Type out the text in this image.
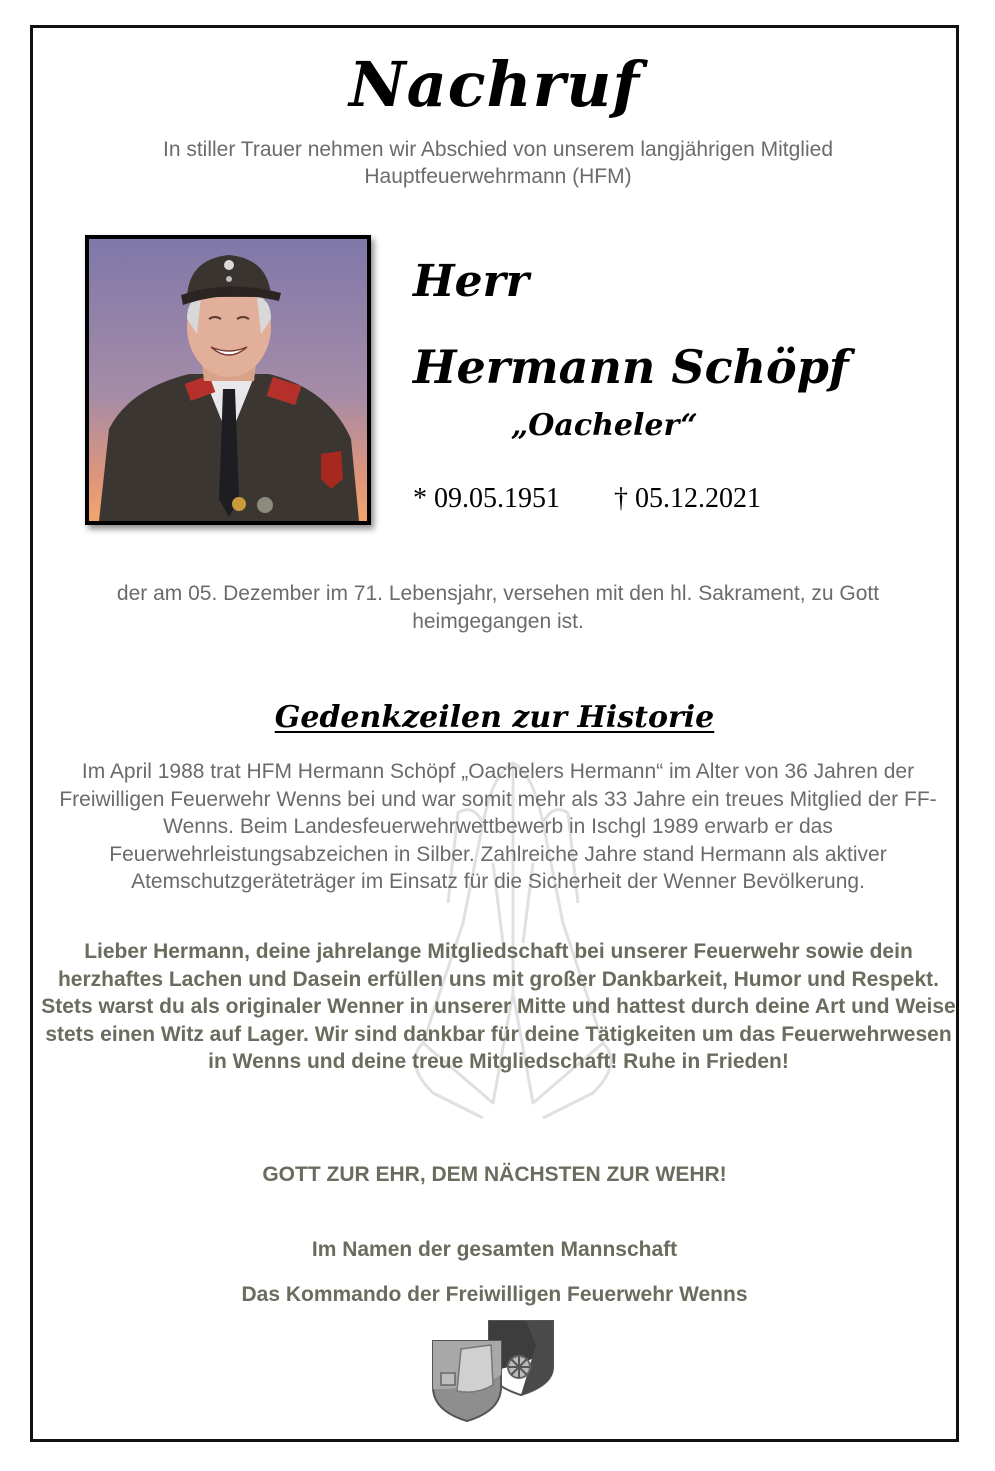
Nachruf
In stiller Trauer nehmen wir Abschied von unserem langjährigen Mitglied Hauptfeuerwehrmann (HFM)
Herr
Hermann Schöpf
„Oacheler“
* 09.05.1951 † 05.12.2021
der am 05. Dezember im 71. Lebensjahr, versehen mit den hl. Sakrament, zu Gott heimgegangen ist.
Gedenkzeilen zur Historie
Im April 1988 trat HFM Hermann Schöpf „Oachelers Hermann“ im Alter von 36 Jahren der Freiwilligen Feuerwehr Wenns bei und war somit mehr als 33 Jahre ein treues Mitglied der FF-Wenns. Beim Landesfeuerwehrwettbewerb in Ischgl 1989 erwarb er das Feuerwehrleistungsabzeichen in Silber. Zahlreiche Jahre stand Hermann als aktiver Atemschutzgeräteträger im Einsatz für die Sicherheit der Wenner Bevölkerung.
Lieber Hermann, deine jahrelange Mitgliedschaft bei unserer Feuerwehr sowie dein herzhaftes Lachen und Dasein erfüllen uns mit großer Dankbarkeit, Humor und Respekt. Stets warst du als originaler Wenner in unserer Mitte und hattest durch deine Art und Weise stets einen Witz auf Lager. Wir sind dankbar für deine Tätigkeiten um das Feuerwehrwesen in Wenns und deine treue Mitgliedschaft! Ruhe in Frieden!
GOTT ZUR EHR, DEM NÄCHSTEN ZUR WEHR!
Im Namen der gesamten Mannschaft
Das Kommando der Freiwilligen Feuerwehr Wenns
